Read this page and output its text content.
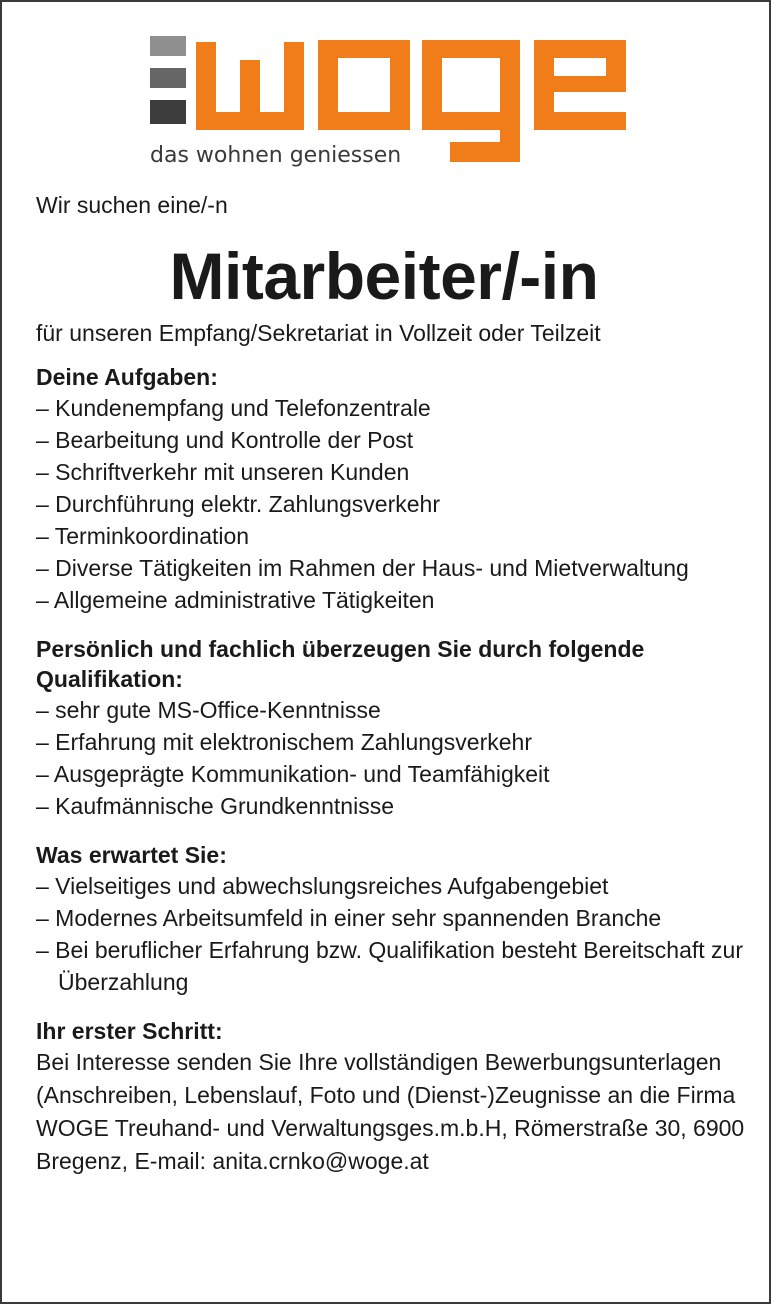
das wohnen geniessen

Wir suchen eine/-n

Mitarbeiter/-in

für unseren Empfang/Sekretariat in Vollzeit oder Teilzeit

Deine Aufgaben:

– Kundenempfang und Telefonzentrale
– Bearbeitung und Kontrolle der Post
– Schriftverkehr mit unseren Kunden
– Durchführung elektr. Zahlungsverkehr
– Terminkoordination
– Diverse Tätigkeiten im Rahmen der Haus- und Mietverwaltung
– Allgemeine administrative Tätigkeiten

Persönlich und fachlich überzeugen Sie durch folgende Qualifikation:

– sehr gute MS-Office-Kenntnisse
– Erfahrung mit elektronischem Zahlungsverkehr
– Ausgeprägte Kommunikation- und Teamfähigkeit
– Kaufmännische Grundkenntnisse

Was erwartet Sie:

– Vielseitiges und abwechslungsreiches Aufgabengebiet
– Modernes Arbeitsumfeld in einer sehr spannenden Branche
– Bei beruflicher Erfahrung bzw. Qualifikation besteht Bereitschaft zur Überzahlung

Ihr erster Schritt:

Bei Interesse senden Sie Ihre vollständigen Bewerbungsunterlagen (Anschreiben, Lebenslauf, Foto und (Dienst-)Zeugnisse an die Firma WOGE Treuhand- und Verwaltungsges.m.b.H, Römerstraße 30, 6900 Bregenz, E-mail: anita.crnko@woge.at
